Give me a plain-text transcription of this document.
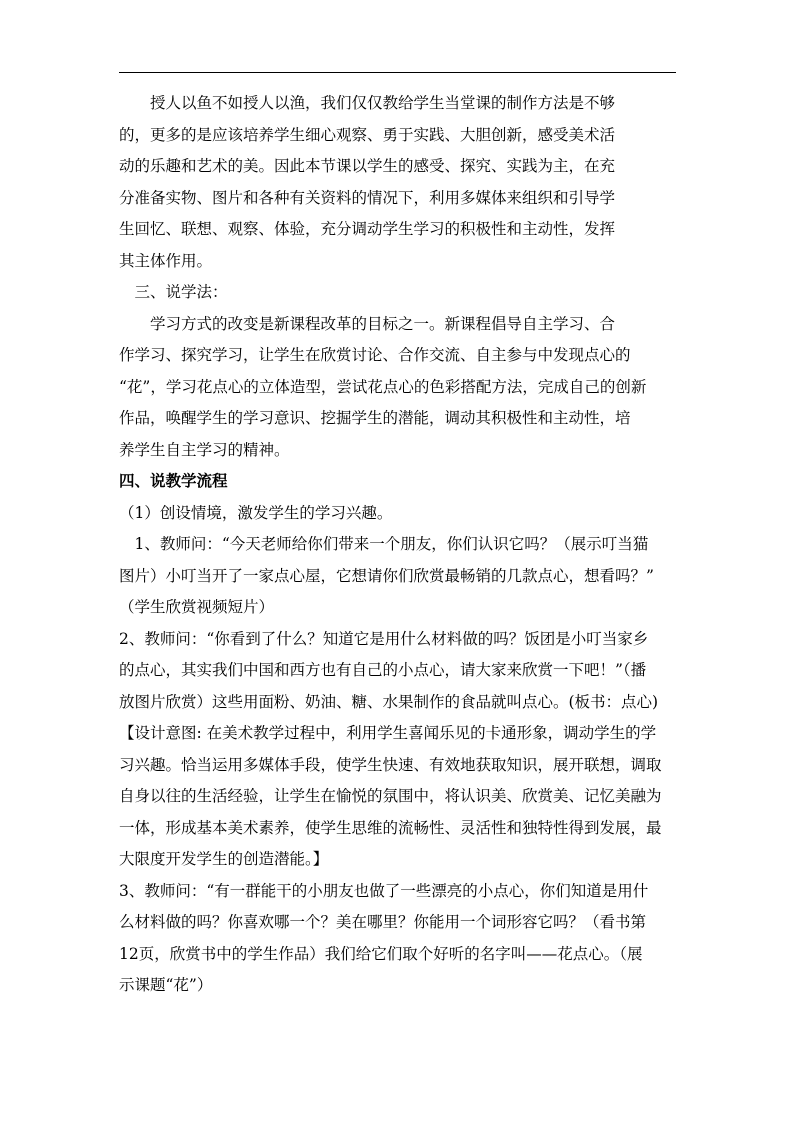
　　授人以鱼不如授人以渔，我们仅仅教给学生当堂课的制作方法是不够
的，更多的是应该培养学生细心观察、勇于实践、大胆创新，感受美术活
动的乐趣和艺术的美。因此本节课以学生的感受、探究、实践为主，在充
分准备实物、图片和各种有关资料的情况下，利用多媒体来组织和引导学
生回忆、联想、观察、体验，充分调动学生学习的积极性和主动性，发挥
其主体作用。
　三、说学法：
　　学习方式的改变是新课程改革的目标之一。新课程倡导自主学习、合
作学习、探究学习，让学生在欣赏讨论、合作交流、自主参与中发现点心的
“花”，学习花点心的立体造型，尝试花点心的色彩搭配方法，完成自己的创新
作品，唤醒学生的学习意识、挖掘学生的潜能，调动其积极性和主动性，培
养学生自主学习的精神。
四、说教学流程
（1）创设情境，激发学生的学习兴趣。
　1、教师问：“今天老师给你们带来一个朋友，你们认识它吗？（展示叮当猫
图片）小叮当开了一家点心屋，它想请你们欣赏最畅销的几款点心，想看吗？”
（学生欣赏视频短片）
2、教师问：“你看到了什么？知道它是用什么材料做的吗？饭团是小叮当家乡
的点心，其实我们中国和西方也有自己的小点心，请大家来欣赏一下吧！”（播
放图片欣赏）这些用面粉、奶油、糖、水果制作的食品就叫点心。(板书：点心)
【设计意图: 在美术教学过程中，利用学生喜闻乐见的卡通形象，调动学生的学
习兴趣。恰当运用多媒体手段，使学生快速、有效地获取知识，展开联想，调取
自身以往的生活经验，让学生在愉悦的氛围中，将认识美、欣赏美、记忆美融为
一体，形成基本美术素养，使学生思维的流畅性、灵活性和独特性得到发展，最
大限度开发学生的创造潜能。】
3、教师问：“有一群能干的小朋友也做了一些漂亮的小点心，你们知道是用什
么材料做的吗？你喜欢哪一个？美在哪里？你能用一个词形容它吗？（看书第
12页，欣赏书中的学生作品）我们给它们取个好听的名字叫——花点心。（展
示课题“花”）
